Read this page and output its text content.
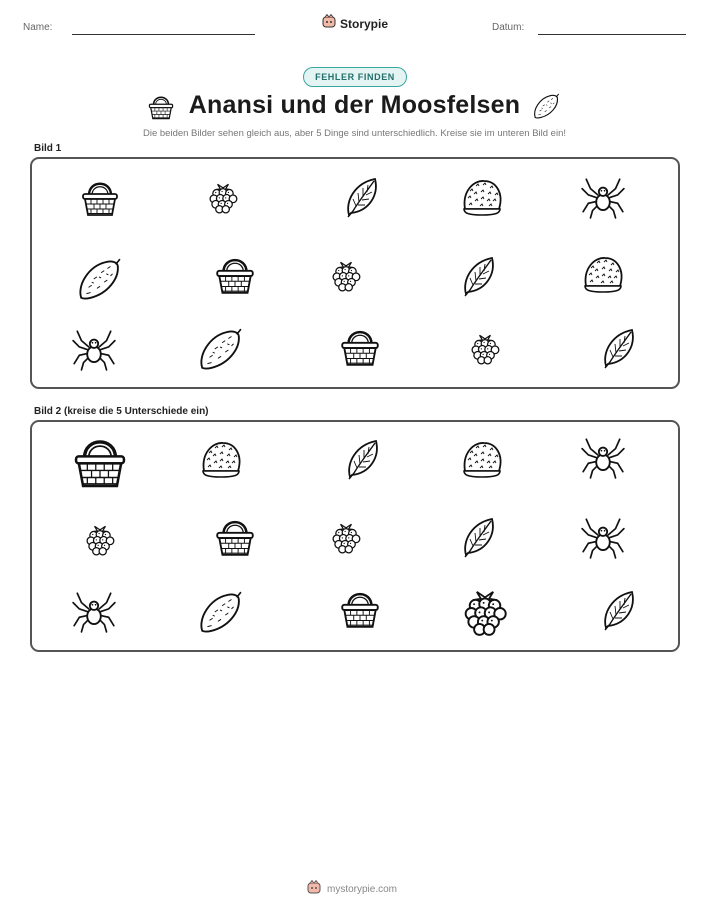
Name:	Storypie	Datum:
FEHLER FINDEN
Anansi und der Moosfelsen
Die beiden Bilder sehen gleich aus, aber 5 Dinge sind unterschiedlich. Kreise sie im unteren Bild ein!
Bild 1
Bild 2 (kreise die 5 Unterschiede ein)
mystorypie.com
